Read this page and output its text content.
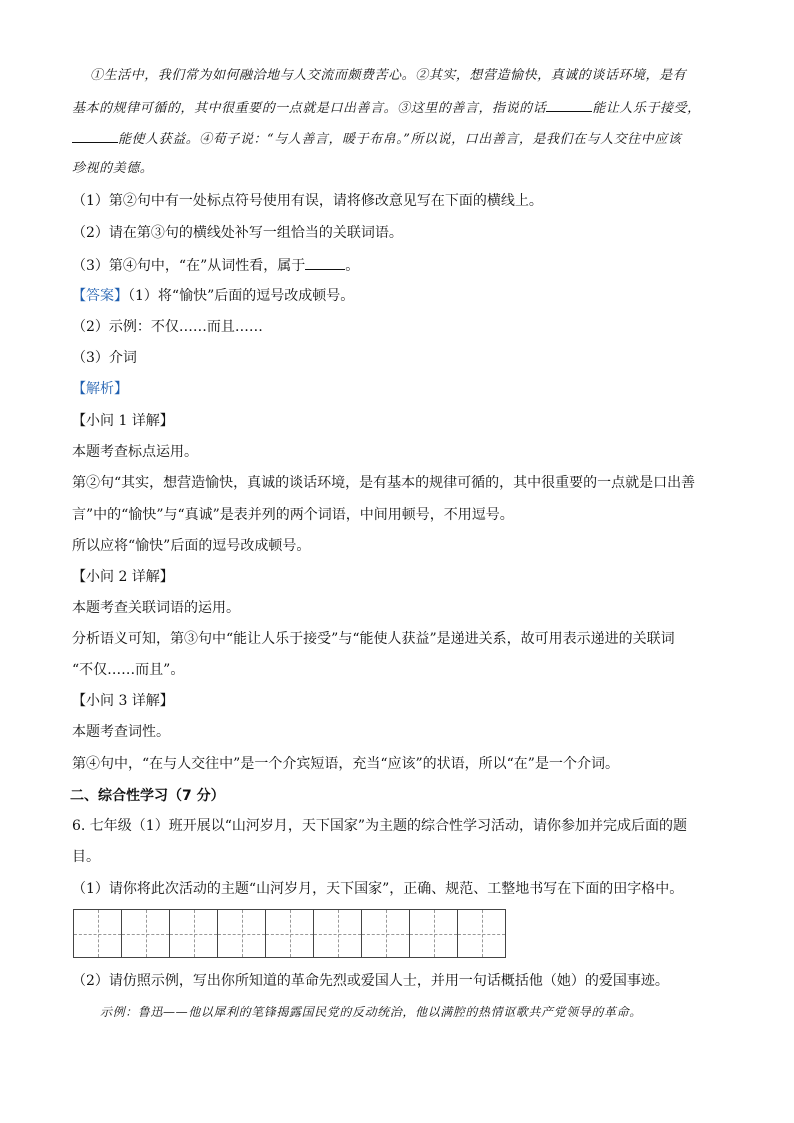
①生活中，我们常为如何融洽地与人交流而颇费苦心。②其实，想营造愉快，真诚的谈话环境，是有
基本的规律可循的，其中很重要的一点就是口出善言。③这里的善言，指说的话	能让人乐于接受，
能使人获益。④荀子说：“与人善言，暖于布帛。”所以说，口出善言，是我们在与人交往中应该
珍视的美德。
（1）第②句中有一处标点符号使用有误，请将修改意见写在下面的横线上。
（2）请在第③句的横线处补写一组恰当的关联词语。
（3）第④句中，“在”从词性看，属于	。
【答案】（1）将“愉快”后面的逗号改成顿号。
（2）示例：不仅……而且……
（3）介词
【解析】
【小问 1 详解】
本题考查标点运用。
第②句“其实，想营造愉快，真诚的谈话环境，是有基本的规律可循的，其中很重要的一点就是口出善
言”中的“愉快”与“真诚”是表并列的两个词语，中间用顿号，不用逗号。
所以应将“愉快”后面的逗号改成顿号。
【小问 2 详解】
本题考查关联词语的运用。
分析语义可知，第③句中“能让人乐于接受”与“能使人获益”是递进关系，故可用表示递进的关联词
“不仅……而且”。
【小问 3 详解】
本题考查词性。
第④句中，“在与人交往中”是一个介宾短语，充当“应该”的状语，所以“在”是一个介词。
二、综合性学习（7 分）
6. 七年级（1）班开展以“山河岁月，天下国家”为主题的综合性学习活动，请你参加并完成后面的题
目。
（1）请你将此次活动的主题“山河岁月，天下国家”，正确、规范、工整地书写在下面的田字格中。
（2）请仿照示例，写出你所知道的革命先烈或爱国人士，并用一句话概括他（她）的爱国事迹。
示例：鲁迅——他以犀利的笔锋揭露国民党的反动统治，他以满腔的热情讴歌共产党领导的革命。
